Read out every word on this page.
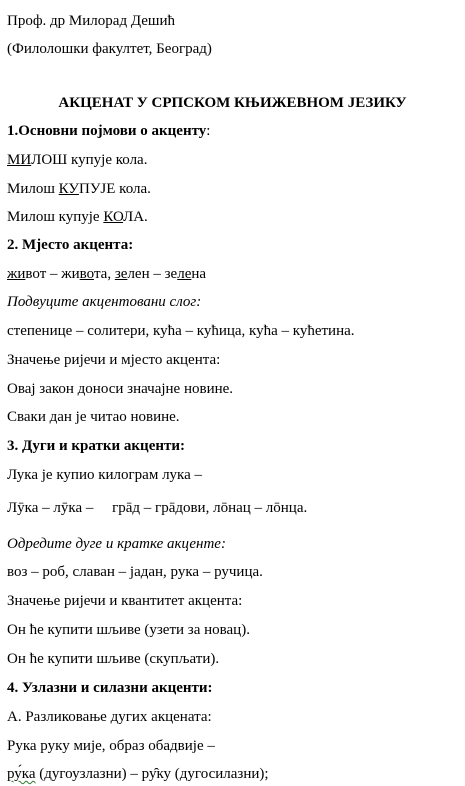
Проф. др Милорад Дешић
(Филолошки факултет, Београд)
АКЦЕНАТ У СРПСКОМ КЊИЖЕВНОМ ЈЕЗИКУ
1.Основни појмови о акценту:
МИЛОШ купује кола.
Милош КУПУЈЕ кола.
Милош купује КОЛА.
2. Мјесто акцента:
живот – живота, зелен – зелена
Подвуците акцентовани слог:
степенице – солитери, кућа – кућица, кућа – кућетина.
Значење ријечи и мјесто акцента:
Овај закон доноси значајне новине.
Сваки дан је читао новине.
3. Дуги и кратки акценти:
Лука је купио килограм лука –
Лӯка – лӯка –     грāд – грāдови, лōнац – лōнца.
Одредите дуге и кратке акценте:
воз – роб, славан – јадан, рука – ручица.
Значење ријечи и квантитет акцента:
Он ће купити шљиве (узети за новац).
Он ће купити шљиве (скупљати).
4. Узлазни и силазни акценти:
А. Разликовање дугих акцената:
Рука руку мије, образ обадвије –
ру́ка (дугоузлазни) – ру̑ку (дугосилазни);
